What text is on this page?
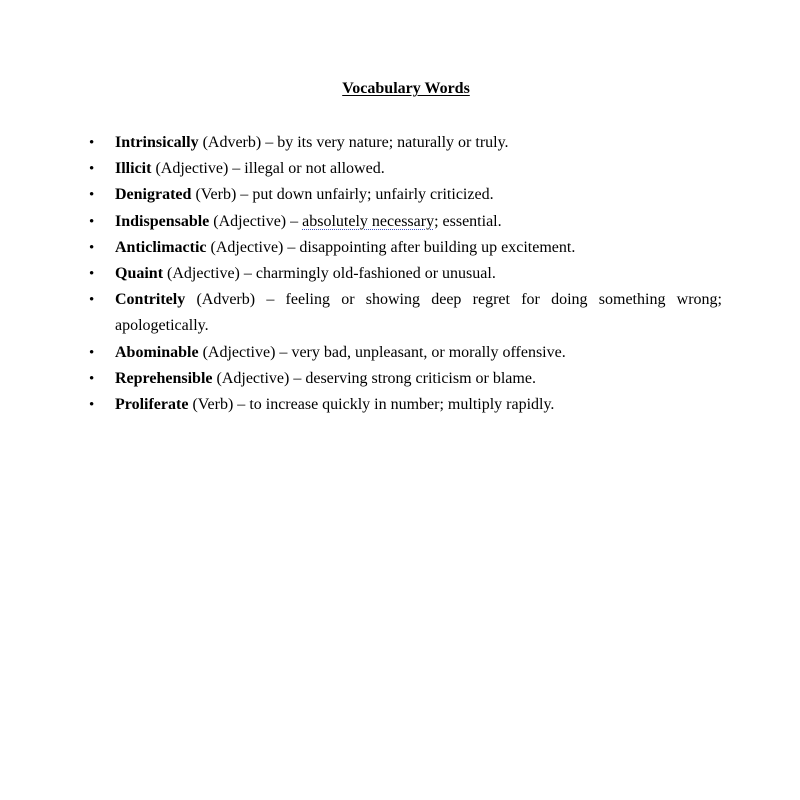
Vocabulary Words
•	Intrinsically (Adverb) – by its very nature; naturally or truly.
•	Illicit (Adjective) – illegal or not allowed.
•	Denigrated (Verb) – put down unfairly; unfairly criticized.
•	Indispensable (Adjective) – absolutely necessary; essential.
•	Anticlimactic (Adjective) – disappointing after building up excitement.
•	Quaint (Adjective) – charmingly old-fashioned or unusual.
•	Contritely (Adverb) – feeling or showing deep regret for doing something wrong; apologetically.
•	Abominable (Adjective) – very bad, unpleasant, or morally offensive.
•	Reprehensible (Adjective) – deserving strong criticism or blame.
•	Proliferate (Verb) – to increase quickly in number; multiply rapidly.
